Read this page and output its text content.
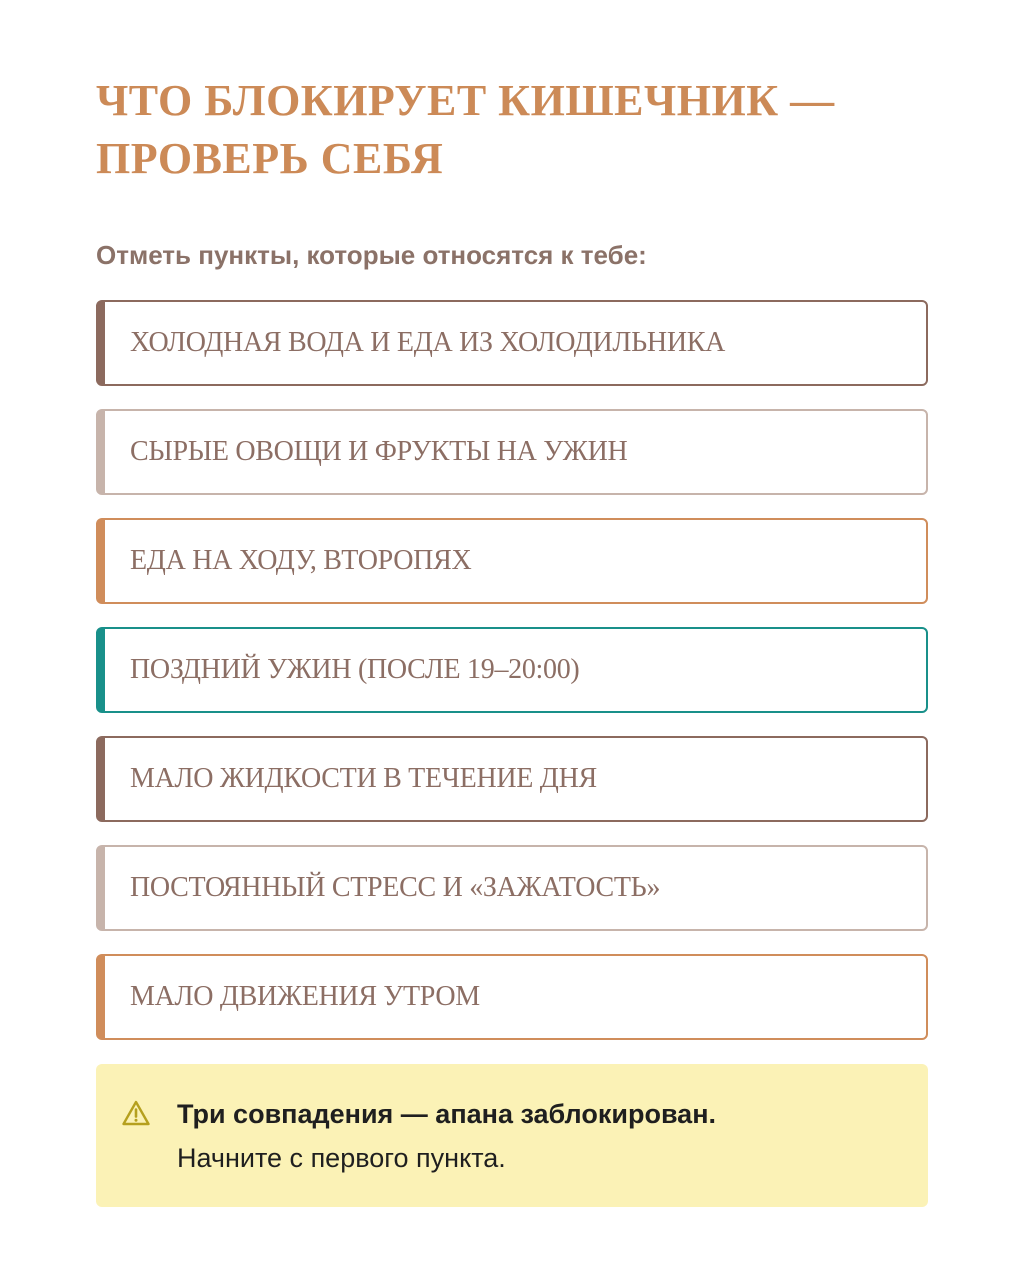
ЧТО БЛОКИРУЕТ КИШЕЧНИК —
ПРОВЕРЬ СЕБЯ
Отметь пункты, которые относятся к тебе:
ХОЛОДНАЯ ВОДА И ЕДА ИЗ ХОЛОДИЛЬНИКА
СЫРЫЕ ОВОЩИ И ФРУКТЫ НА УЖИН
ЕДА НА ХОДУ, ВТОРОПЯХ
ПОЗДНИЙ УЖИН (ПОСЛЕ 19–20:00)
МАЛО ЖИДКОСТИ В ТЕЧЕНИЕ ДНЯ
ПОСТОЯННЫЙ СТРЕСС И «ЗАЖАТОСТЬ»
МАЛО ДВИЖЕНИЯ УТРОМ
Три совпадения — апана заблокирован.
Начните с первого пункта.
